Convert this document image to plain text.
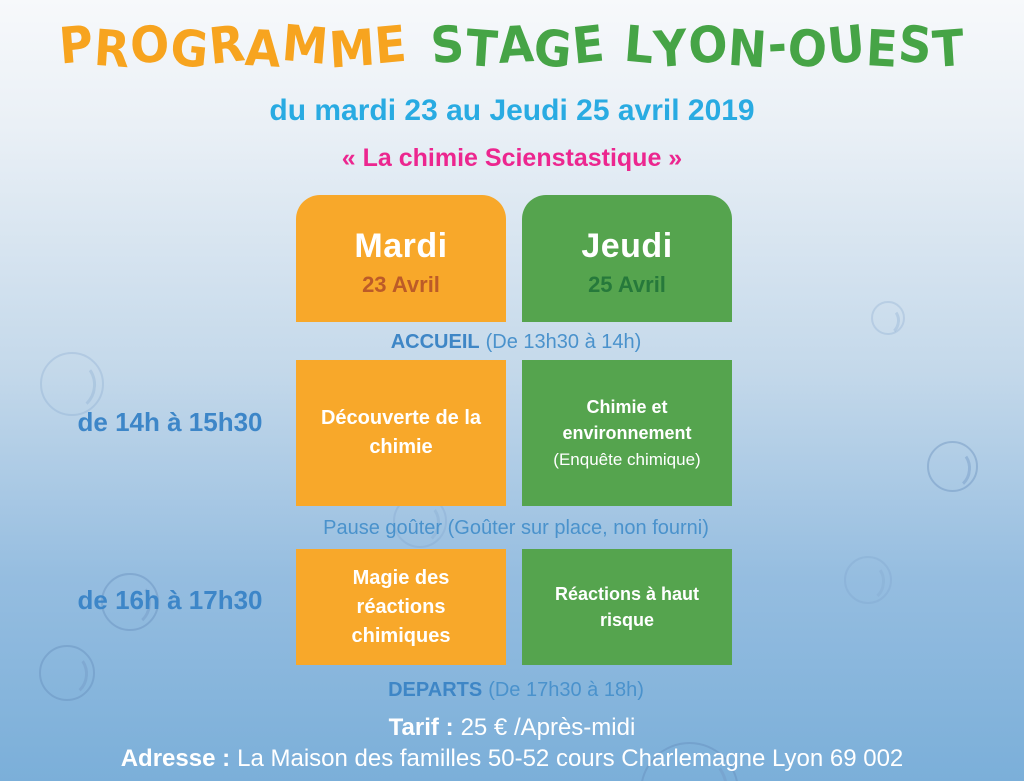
PROGRAMME STAGE LYON-OUEST
du mardi 23 au Jeudi 25 avril 2019
« La chimie Scienstastique »
Mardi
23 Avril
Jeudi
25 Avril
ACCUEIL (De 13h30 à 14h)
de 14h à 15h30	Découverte de la
chimie
Chimie et environnement
(Enquête chimique)
Pause goûter (Goûter sur place, non fourni)
de 16h à 17h30
Magie des réactions
chimiques
Réactions à haut risque
DEPARTS (De 17h30 à 18h)
Tarif : 25 € /Après-midi
Adresse : La Maison des familles 50-52 cours Charlemagne Lyon 69 002
